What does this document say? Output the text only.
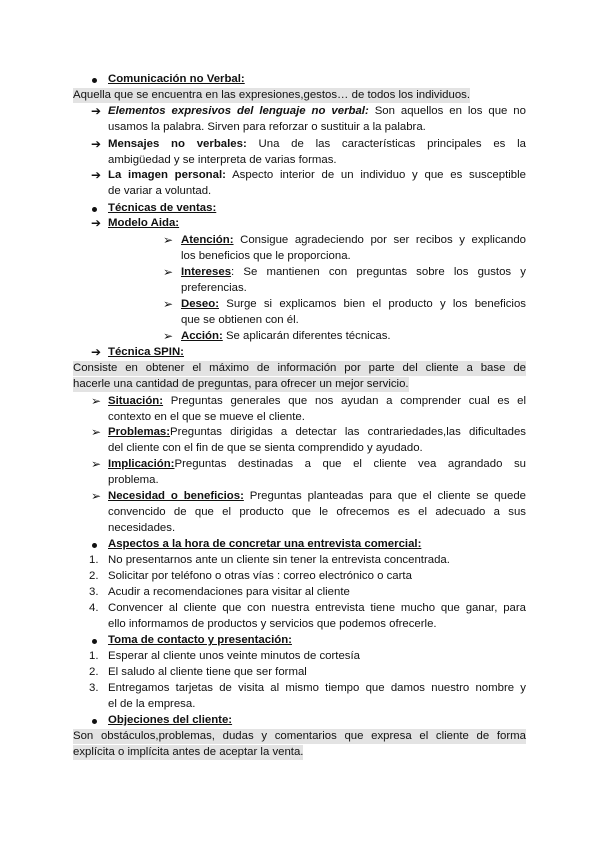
Comunicación no Verbal:
Aquella que se encuentra en las expresiones,gestos… de todos los individuos.
➔ Elementos expresivos del lenguaje no verbal: Son aquellos en los que no
usamos la palabra. Sirven para reforzar o sustituir a la palabra.
➔ Mensajes no verbales: Una de las características principales es la
ambigüedad y se interpreta de varias formas.
➔ La imagen personal: Aspecto interior de un individuo y que es susceptible
de variar a voluntad.
Técnicas de ventas:
➔ Modelo Aida:
➢ Atención: Consigue agradeciendo por ser recibos y explicando
los beneficios que le proporciona.
➢ Intereses: Se mantienen con preguntas sobre los gustos y
preferencias.
➢ Deseo: Surge si explicamos bien el producto y los beneficios
que se obtienen con él.
➢ Acción: Se aplicarán diferentes técnicas.
➔ Técnica SPIN:
Consiste en obtener el máximo de información por parte del cliente a base de
hacerle una cantidad de preguntas, para ofrecer un mejor servicio.
➢ Situación: Preguntas generales que nos ayudan a comprender cual es el
contexto en el que se mueve el cliente.
➢ Problemas:Preguntas dirigidas a detectar las contrariedades,las dificultades
del cliente con el fin de que se sienta comprendido y ayudado.
➢ Implicación:Preguntas destinadas a que el cliente vea agrandado su
problema.
➢ Necesidad o beneficios: Preguntas planteadas para que el cliente se quede
convencido de que el producto que le ofrecemos es el adecuado a sus
necesidades.
Aspectos a la hora de concretar una entrevista comercial:
1. No presentarnos ante un cliente sin tener la entrevista concentrada.
2. Solicitar por teléfono o otras vías : correo electrónico o carta
3. Acudir a recomendaciones para visitar al cliente
4. Convencer al cliente que con nuestra entrevista tiene mucho que ganar, para
ello informamos de productos y servicios que podemos ofrecerle.
Toma de contacto y presentación:
1. Esperar al cliente unos veinte minutos de cortesía
2. El saludo al cliente tiene que ser formal
3. Entregamos tarjetas de visita al mismo tiempo que damos nuestro nombre y
el de la empresa.
Objeciones del cliente:
Son obstáculos,problemas, dudas y comentarios que expresa el cliente de forma
explícita o implícita antes de aceptar la venta.
